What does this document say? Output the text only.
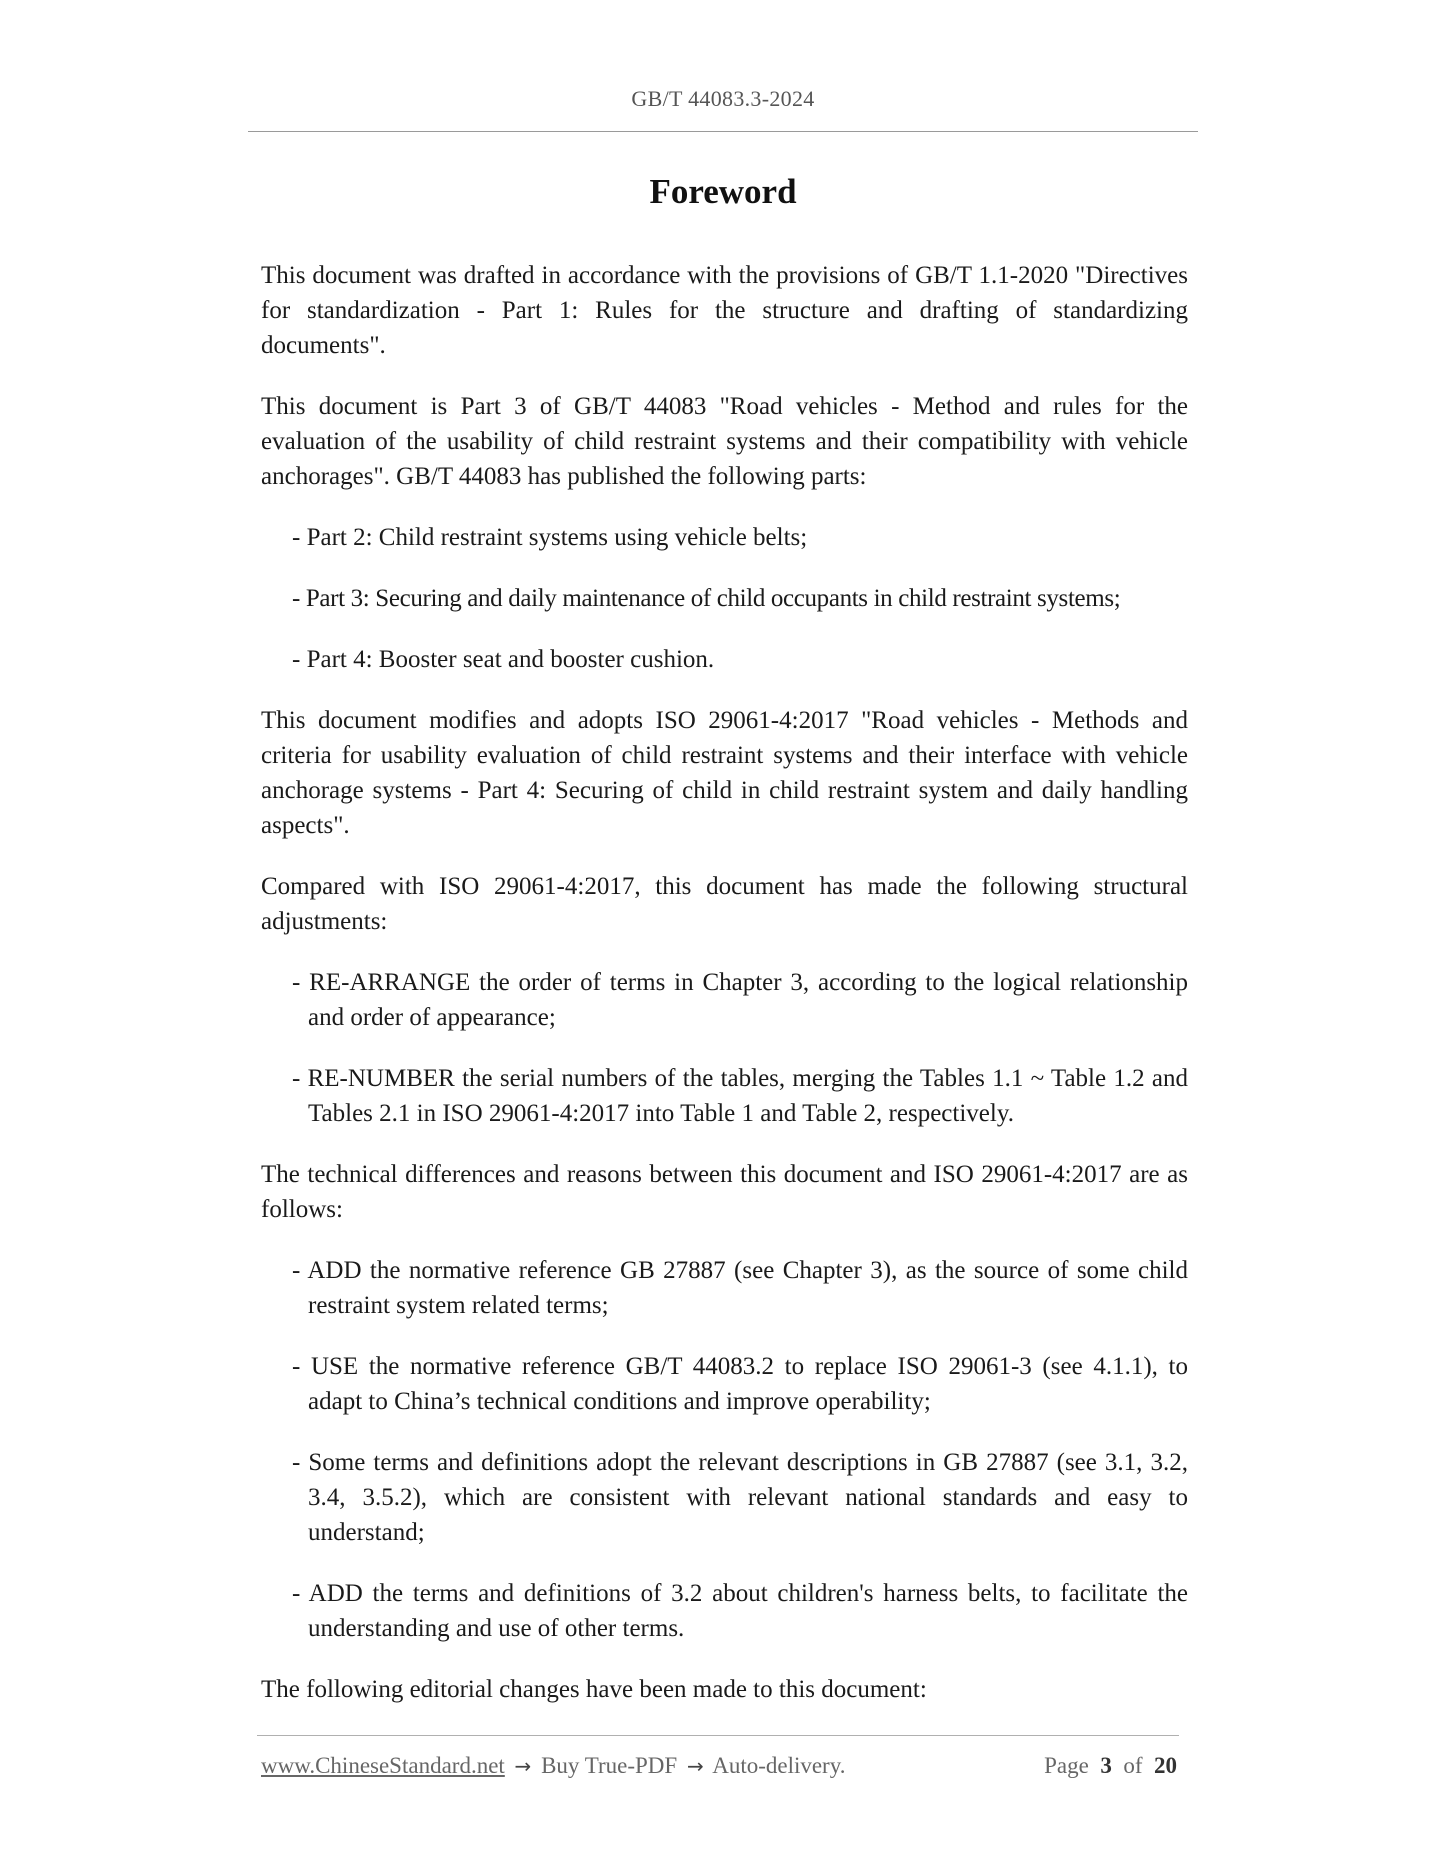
GB/T 44083.3-2024
Foreword

This document was drafted in accordance with the provisions of GB/T 1.1-2020 "Directives for standardization - Part 1: Rules for the structure and drafting of standardizing documents".

This document is Part 3 of GB/T 44083 "Road vehicles - Method and rules for the evaluation of the usability of child restraint systems and their compatibility with vehicle anchorages". GB/T 44083 has published the following parts:

- Part 2: Child restraint systems using vehicle belts;

- Part 3: Securing and daily maintenance of child occupants in child restraint systems;

- Part 4: Booster seat and booster cushion.

This document modifies and adopts ISO 29061-4:2017 "Road vehicles - Methods and criteria for usability evaluation of child restraint systems and their interface with vehicle anchorage systems - Part 4: Securing of child in child restraint system and daily handling aspects".

Compared with ISO 29061-4:2017, this document has made the following structural adjustments:

- RE-ARRANGE the order of terms in Chapter 3, according to the logical relationship and order of appearance;

- RE-NUMBER the serial numbers of the tables, merging the Tables 1.1 ~ Table 1.2 and Tables 2.1 in ISO 29061-4:2017 into Table 1 and Table 2, respectively.

The technical differences and reasons between this document and ISO 29061-4:2017 are as follows:

- ADD the normative reference GB 27887 (see Chapter 3), as the source of some child restraint system related terms;

- USE the normative reference GB/T 44083.2 to replace ISO 29061-3 (see 4.1.1), to adapt to China’s technical conditions and improve operability;

- Some terms and definitions adopt the relevant descriptions in GB 27887 (see 3.1, 3.2, 3.4, 3.5.2), which are consistent with relevant national standards and easy to understand;

- ADD the terms and definitions of 3.2 about children's harness belts, to facilitate the understanding and use of other terms.

The following editorial changes have been made to this document:

www.ChineseStandard.net → Buy True-PDF → Auto-delivery.	Page 3 of 20
